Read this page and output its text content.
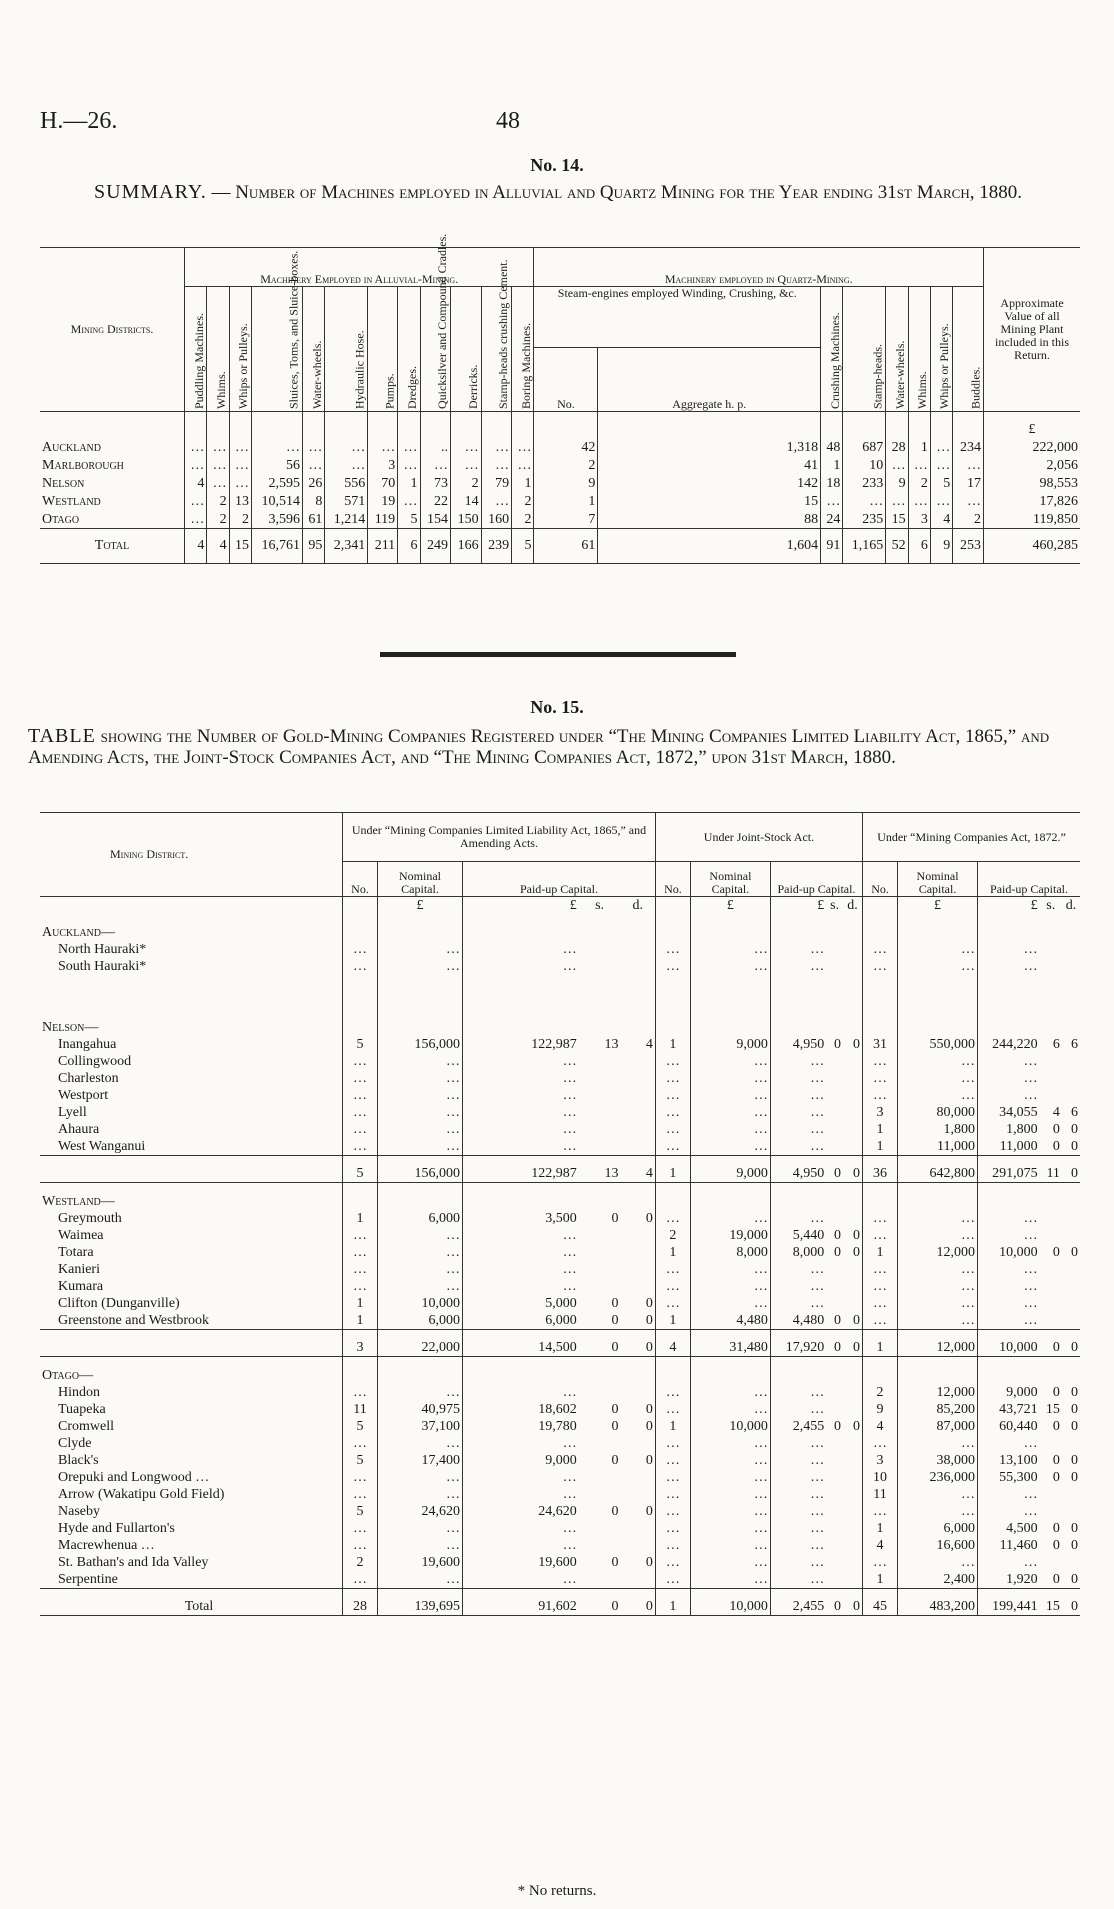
H.—26.	48
No. 14.
SUMMARY. — Number of Machines employed in Alluvial and Quartz Mining for the Year ending 31st March, 1880.
Mining Districts.	Machinery Employed in Alluvial-Mining.												Machinery employed in Quartz-Mining.								Approximate Value of all Mining Plant included in this Return.
	Puddling Machines.	Whims.	Whips or Pulleys.	Sluices, Toms, and Sluice-boxes.	Water-wheels.	Hydraulic Hose.	Pumps.	Dredges.	Quicksilver and Compound Cradles.	Derricks.	Stamp-heads crushing Cement.	Boring Machines.	Steam-engines employed Winding, Crushing, &c.		Crushing Machines.	Stamp-heads.	Water-wheels.	Whims.	Whips or Pulleys.	Buddles.	
													No.	Aggregate h. p.							
																					£
Auckland	…	…	…	…	…	…	…	…	..	…	…	…	42	1,318	48	687	28	1	…	234	222,000
Marlborough	…	…	…	56	…	…	3	…	…	…	…	…	2	41	1	10	…	…	…	…	2,056
Nelson	4	…	…	2,595	26	556	70	1	73	2	79	1	9	142	18	233	9	2	5	17	98,553
Westland	…	2	13	10,514	8	571	19	…	22	14	…	2	1	15	…	…	…	…	…	…	17,826
Otago	…	2	2	3,596	61	1,214	119	5	154	150	160	2	7	88	24	235	15	3	4	2	119,850
Total	4	4	15	16,761	95	2,341	211	6	249	166	239	5	61	1,604	91	1,165	52	6	9	253	460,285
No. 15.
TABLE showing the Number of Gold-Mining Companies Registered under “The Mining Companies Limited Liability Act, 1865,” and Amending Acts, the Joint-Stock Companies Act, and “The Mining Companies Act, 1872,” upon 31st March, 1880.
Mining District.	Under “Mining Companies Limited Liability Act, 1865,” and Amending Acts.					Under Joint-Stock Act.					Under “Mining Companies Act, 1872.”				
	No.	Nominal Capital.	Paid-up Capital.			No.	Nominal Capital.	Paid-up Capital.			No.	Nominal Capital.	Paid-up Capital.		
		£	£	s.	d.		£	£	s.	d.		£	£	s.	d.
Auckland—															
North Hauraki*	…	…	…			…	…	…			…	…	…		
South Hauraki*	…	…	…			…	…	…			…	…	…		

Nelson—															
Inangahua	5	156,000	122,987	13	4	1	9,000	4,950	0	0	31	550,000	244,220	6	6
Collingwood	…	…	…			…	…	…			…	…	…		
Charleston	…	…	…			…	…	…			…	…	…		
Westport	…	…	…			…	…	…			…	…	…		
Lyell	…	…	…			…	…	…			3	80,000	34,055	4	6
Ahaura	…	…	…			…	…	…			1	1,800	1,800	0	0
West Wanganui	…	…	…			…	…	…			1	11,000	11,000	0	0
	5	156,000	122,987	13	4	1	9,000	4,950	0	0	36	642,800	291,075	11	0
Westland—															
Greymouth	1	6,000	3,500	0	0	…	…	…			…	…	…		
Waimea	…	…	…			2	19,000	5,440	0	0	…	…	…		
Totara	…	…	…			1	8,000	8,000	0	0	1	12,000	10,000	0	0
Kanieri	…	…	…			…	…	…			…	…	…		
Kumara	…	…	…			…	…	…			…	…	…		
Clifton (Dunganville)	1	10,000	5,000	0	0	…	…	…			…	…	…		
Greenstone and Westbrook	1	6,000	6,000	0	0	1	4,480	4,480	0	0	…	…	…		
	3	22,000	14,500	0	0	4	31,480	17,920	0	0	1	12,000	10,000	0	0
Otago—															
Hindon	…	…	…			…	…	…			2	12,000	9,000	0	0
Tuapeka	11	40,975	18,602	0	0	…	…	…			9	85,200	43,721	15	0
Cromwell	5	37,100	19,780	0	0	1	10,000	2,455	0	0	4	87,000	60,440	0	0
Clyde	…	…	…			…	…	…			…	…	…		
Black's	5	17,400	9,000	0	0	…	…	…			3	38,000	13,100	0	0
Orepuki and Longwood …	…	…	…			…	…	…			10	236,000	55,300	0	0
Arrow (Wakatipu Gold Field)	…	…	…			…	…	…			11	…	…		
Naseby	5	24,620	24,620	0	0	…	…	…			…	…	…		
Hyde and Fullarton's	…	…	…			…	…	…			1	6,000	4,500	0	0
Macrewhenua …	…	…	…			…	…	…			4	16,600	11,460	0	0
St. Bathan's and Ida Valley	2	19,600	19,600	0	0	…	…	…			…	…	…		
Serpentine	…	…	…			…	…	…			1	2,400	1,920	0	0
Total	28	139,695	91,602	0	0	1	10,000	2,455	0	0	45	483,200	199,441	15	0
* No returns.
